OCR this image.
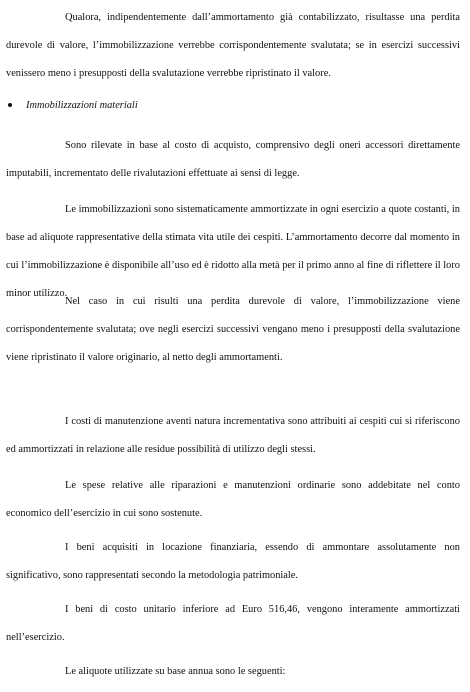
Qualora, indipendentemente dall’ammortamento già contabilizzato, risultasse una perdita durevole di valore, l’immobilizzazione verrebbe corrispondentemente svalutata; se in esercizi successivi venissero meno i presupposti della svalutazione verrebbe ripristinato il valore.

Immobilizzazioni materiali

Sono rilevate in base al costo di acquisto, comprensivo degli oneri accessori direttamente imputabili, incrementato delle rivalutazioni effettuate ai sensi di legge.

Le immobilizzazioni sono sistematicamente ammortizzate in ogni esercizio a quote costanti, in base ad aliquote rappresentative della stimata vita utile dei cespiti. L’ammortamento decorre dal momento in cui l’immobilizzazione è disponibile all’uso ed è ridotto alla metà per il primo anno al fine di riflettere il loro minor utilizzo.

Nel caso in cui risulti una perdita durevole di valore, l’immobilizzazione viene corrispondentemente svalutata; ove negli esercizi successivi vengano meno i presupposti della svalutazione viene ripristinato il valore originario, al netto degli ammortamenti.

I costi di manutenzione aventi natura incrementativa sono attribuiti ai cespiti cui si riferiscono ed ammortizzati in relazione alle residue possibilità di utilizzo degli stessi.

Le spese relative alle riparazioni e manutenzioni ordinarie sono addebitate nel conto economico dell’esercizio in cui sono sostenute.

I beni acquisiti in locazione finanziaria, essendo di ammontare assolutamente non significativo, sono rappresentati secondo la metodologia patrimoniale.

I beni di costo unitario inferiore ad Euro 516,46, vengono interamente ammortizzati nell’esercizio.

Le aliquote utilizzate su base annua sono le seguenti:
